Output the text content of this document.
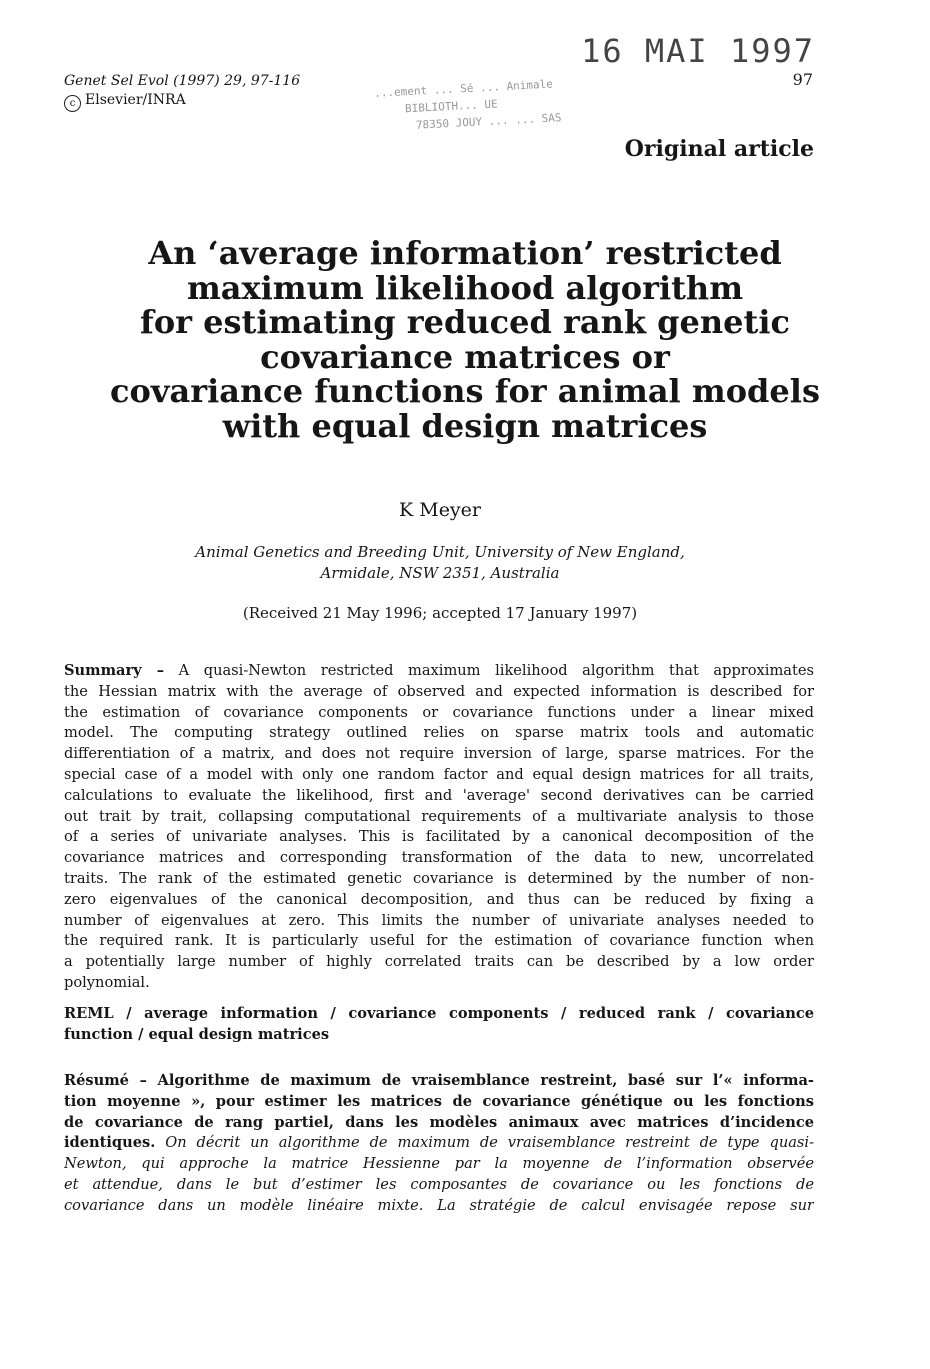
Genet Sel Evol (1997) 29, 97-116
c Elsevier/INRA
16 MAI 1997
...ement ... Sé ... Animale
BIBLIOTH... UE
78350 JOUY ... ... SAS
97
Original article
An ‘average information’ restricted
maximum likelihood algorithm
for estimating reduced rank genetic
covariance matrices or
covariance functions for animal models
with equal design matrices
K Meyer
Animal Genetics and Breeding Unit, University of New England,
Armidale, NSW 2351, Australia
(Received 21 May 1996; accepted 17 January 1997)
Summary – A quasi-Newton restricted maximum likelihood algorithm that approximates
the Hessian matrix with the average of observed and expected information is described for
the estimation of covariance components or covariance functions under a linear mixed
model. The computing strategy outlined relies on sparse matrix tools and automatic
differentiation of a matrix, and does not require inversion of large, sparse matrices. For the
special case of a model with only one random factor and equal design matrices for all traits,
calculations to evaluate the likelihood, first and 'average' second derivatives can be carried
out trait by trait, collapsing computational requirements of a multivariate analysis to those
of a series of univariate analyses. This is facilitated by a canonical decomposition of the
covariance matrices and corresponding transformation of the data to new, uncorrelated
traits. The rank of the estimated genetic covariance is determined by the number of non-
zero eigenvalues of the canonical decomposition, and thus can be reduced by fixing a
number of eigenvalues at zero. This limits the number of univariate analyses needed to
the required rank. It is particularly useful for the estimation of covariance function when
a potentially large number of highly correlated traits can be described by a low order
polynomial.
REML / average information / covariance components / reduced rank / covariance
function / equal design matrices
Résumé – Algorithme de maximum de vraisemblance restreint, basé sur l’« informa-
tion moyenne », pour estimer les matrices de covariance génétique ou les fonctions
de covariance de rang partiel, dans les modèles animaux avec matrices d’incidence
identiques. On décrit un algorithme de maximum de vraisemblance restreint de type quasi-
Newton, qui approche la matrice Hessienne par la moyenne de l’information observée
et attendue, dans le but d’estimer les composantes de covariance ou les fonctions de
covariance dans un modèle linéaire mixte. La stratégie de calcul envisagée repose sur
